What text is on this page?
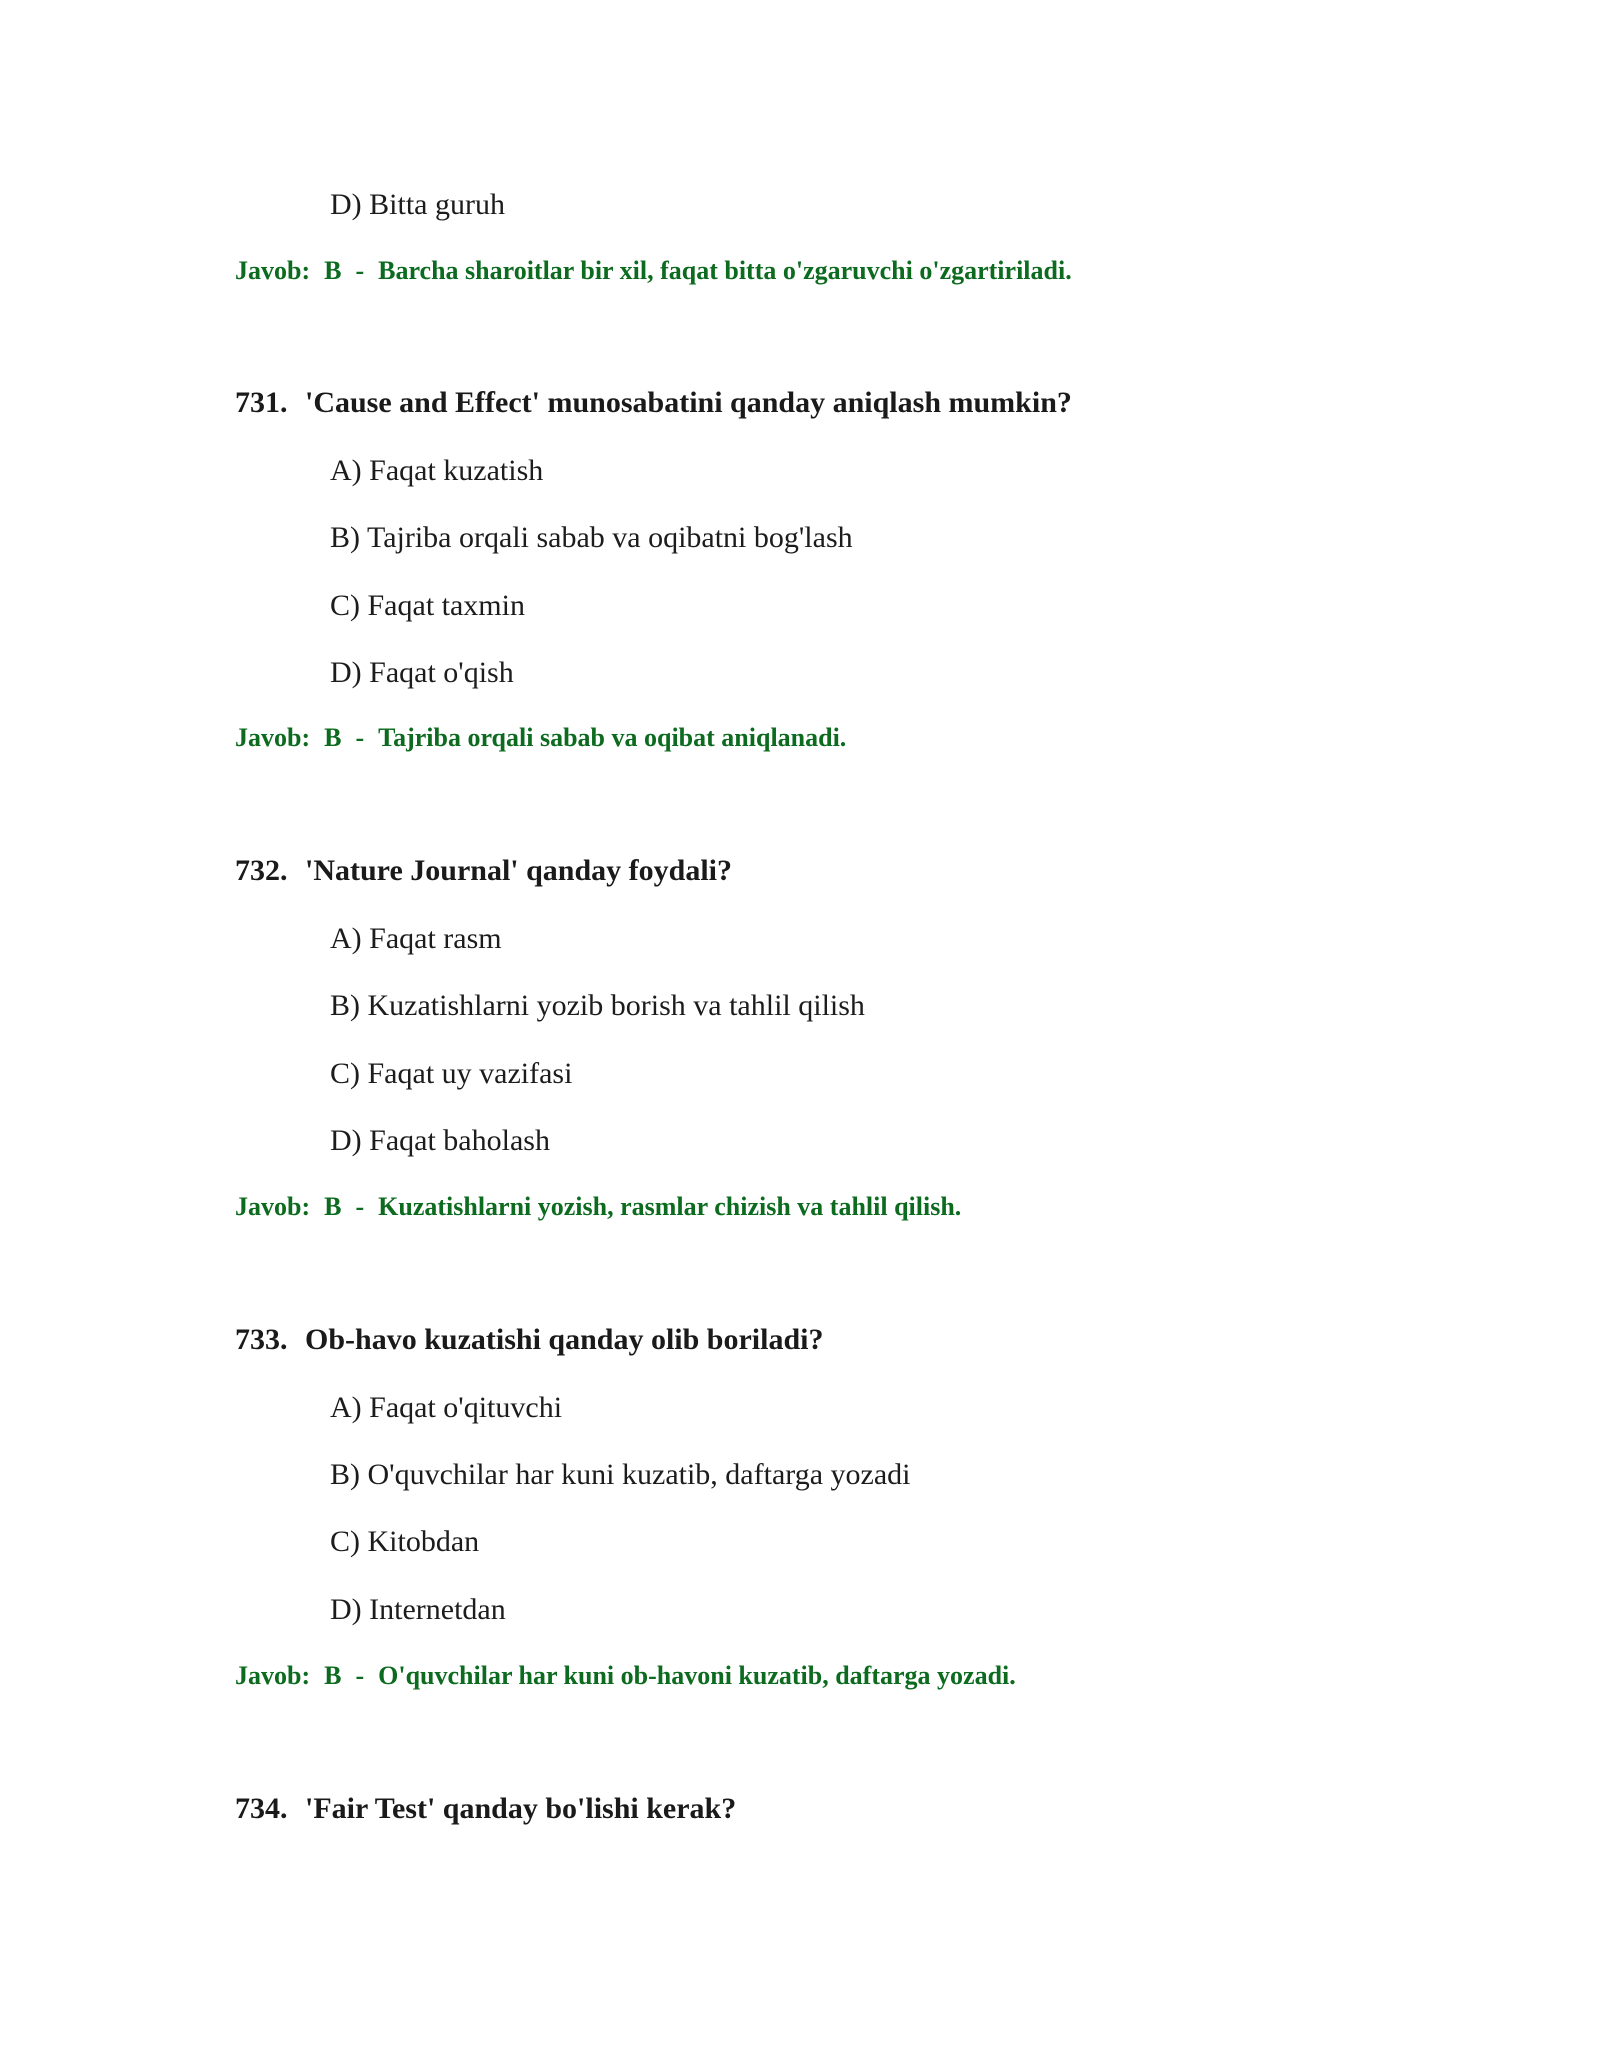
D) Bitta guruh
Javob: B - Barcha sharoitlar bir xil, faqat bitta o'zgaruvchi o'zgartiriladi.
731. 'Cause and Effect' munosabatini qanday aniqlash mumkin?
A) Faqat kuzatish
B) Tajriba orqali sabab va oqibatni bog'lash
C) Faqat taxmin
D) Faqat o'qish
Javob: B - Tajriba orqali sabab va oqibat aniqlanadi.
732. 'Nature Journal' qanday foydali?
A) Faqat rasm
B) Kuzatishlarni yozib borish va tahlil qilish
C) Faqat uy vazifasi
D) Faqat baholash
Javob: B - Kuzatishlarni yozish, rasmlar chizish va tahlil qilish.
733. Ob-havo kuzatishi qanday olib boriladi?
A) Faqat o'qituvchi
B) O'quvchilar har kuni kuzatib, daftarga yozadi
C) Kitobdan
D) Internetdan
Javob: B - O'quvchilar har kuni ob-havoni kuzatib, daftarga yozadi.
734. 'Fair Test' qanday bo'lishi kerak?
